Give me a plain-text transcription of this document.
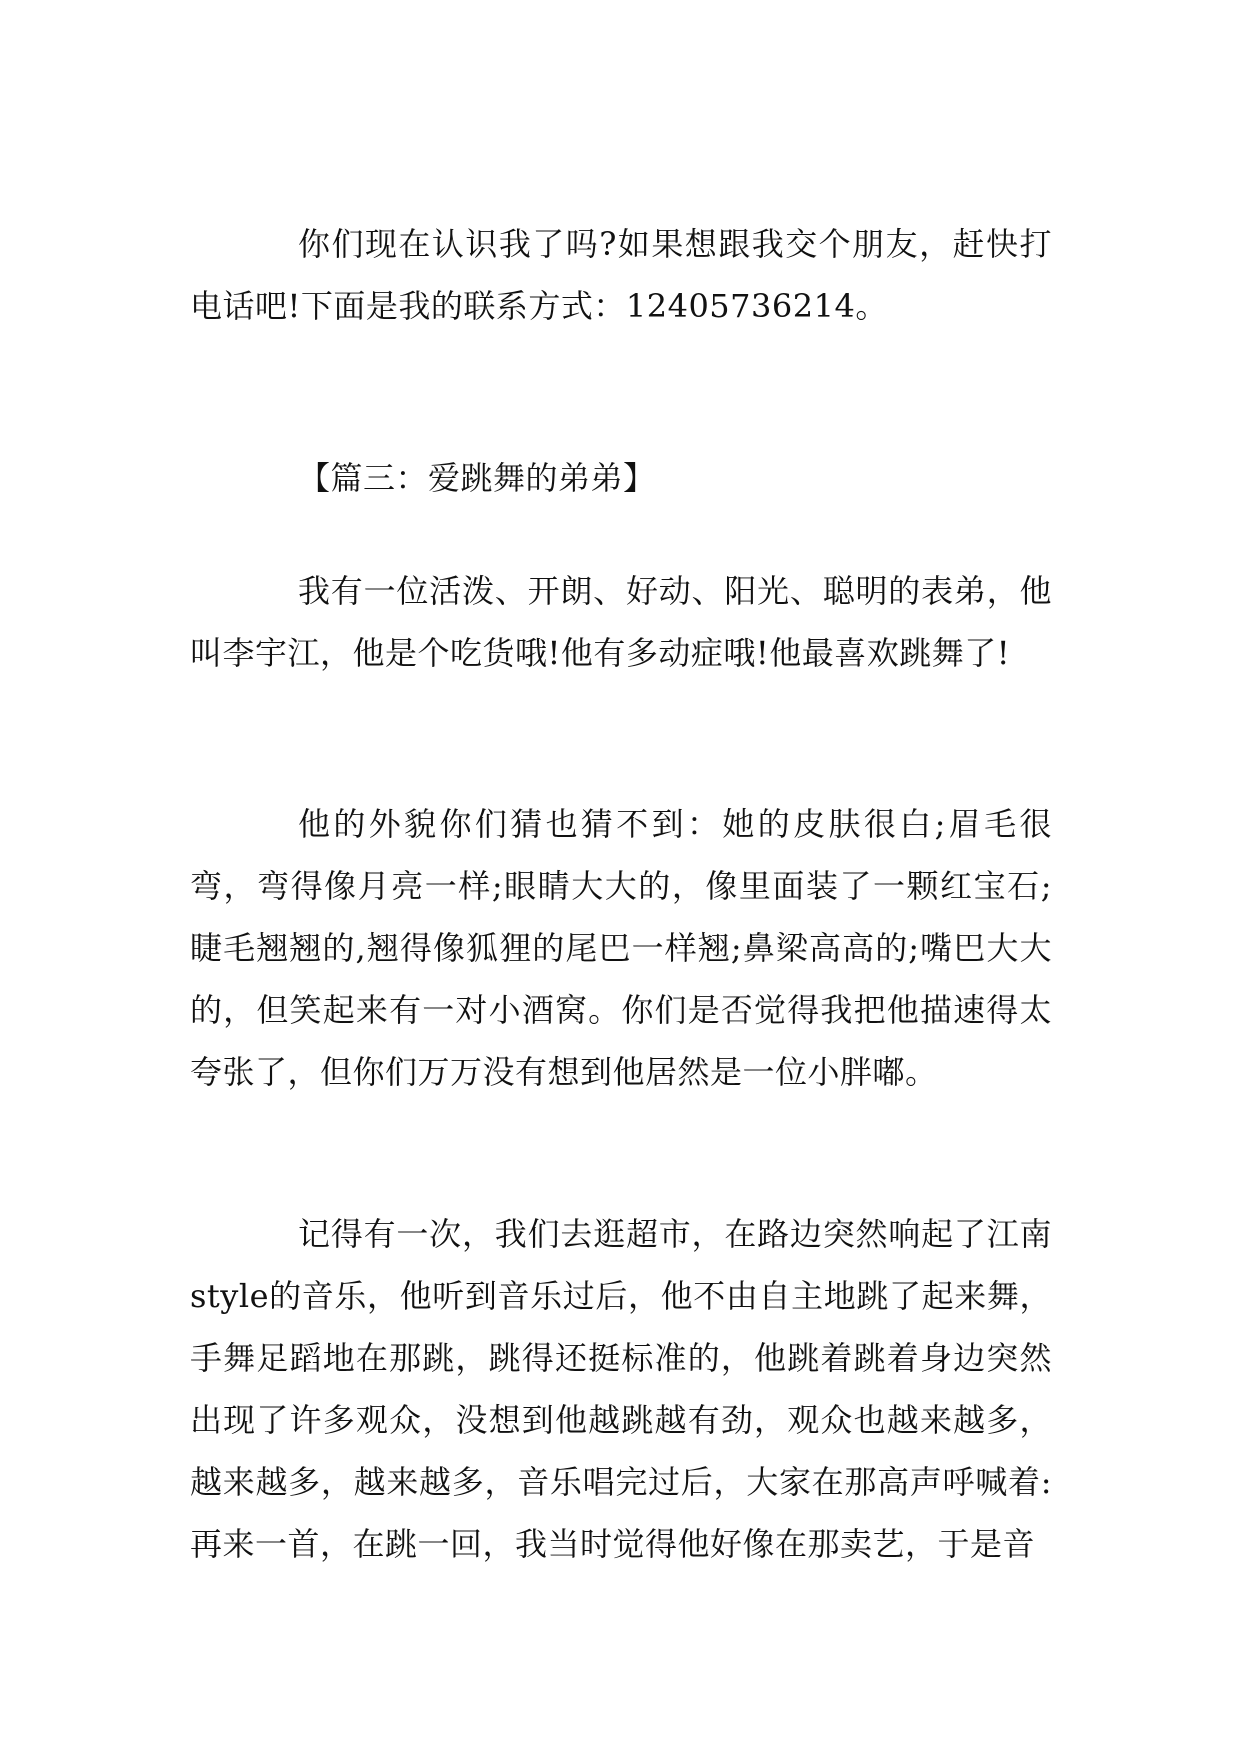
你们现在认识我了吗?如果想跟我交个朋友，赶快打电话吧!下面是我的联系方式：12405736214。

【篇三：爱跳舞的弟弟】

我有一位活泼、开朗、好动、阳光、聪明的表弟，他叫李宇江，他是个吃货哦!他有多动症哦!他最喜欢跳舞了!

他的外貌你们猜也猜不到：她的皮肤很白;眉毛很弯，弯得像月亮一样;眼睛大大的，像里面装了一颗红宝石;睫毛翘翘的,翘得像狐狸的尾巴一样翘;鼻梁高高的;嘴巴大大的，但笑起来有一对小酒窝。你们是否觉得我把他描速得太夸张了，但你们万万没有想到他居然是一位小胖嘟。

记得有一次，我们去逛超市，在路边突然响起了江南style的音乐，他听到音乐过后，他不由自主地跳了起来舞，手舞足蹈地在那跳，跳得还挺标准的，他跳着跳着身边突然出现了许多观众，没想到他越跳越有劲，观众也越来越多，越来越多，越来越多，音乐唱完过后，大家在那高声呼喊着:再来一首，在跳一回，我当时觉得他好像在那卖艺，于是音
